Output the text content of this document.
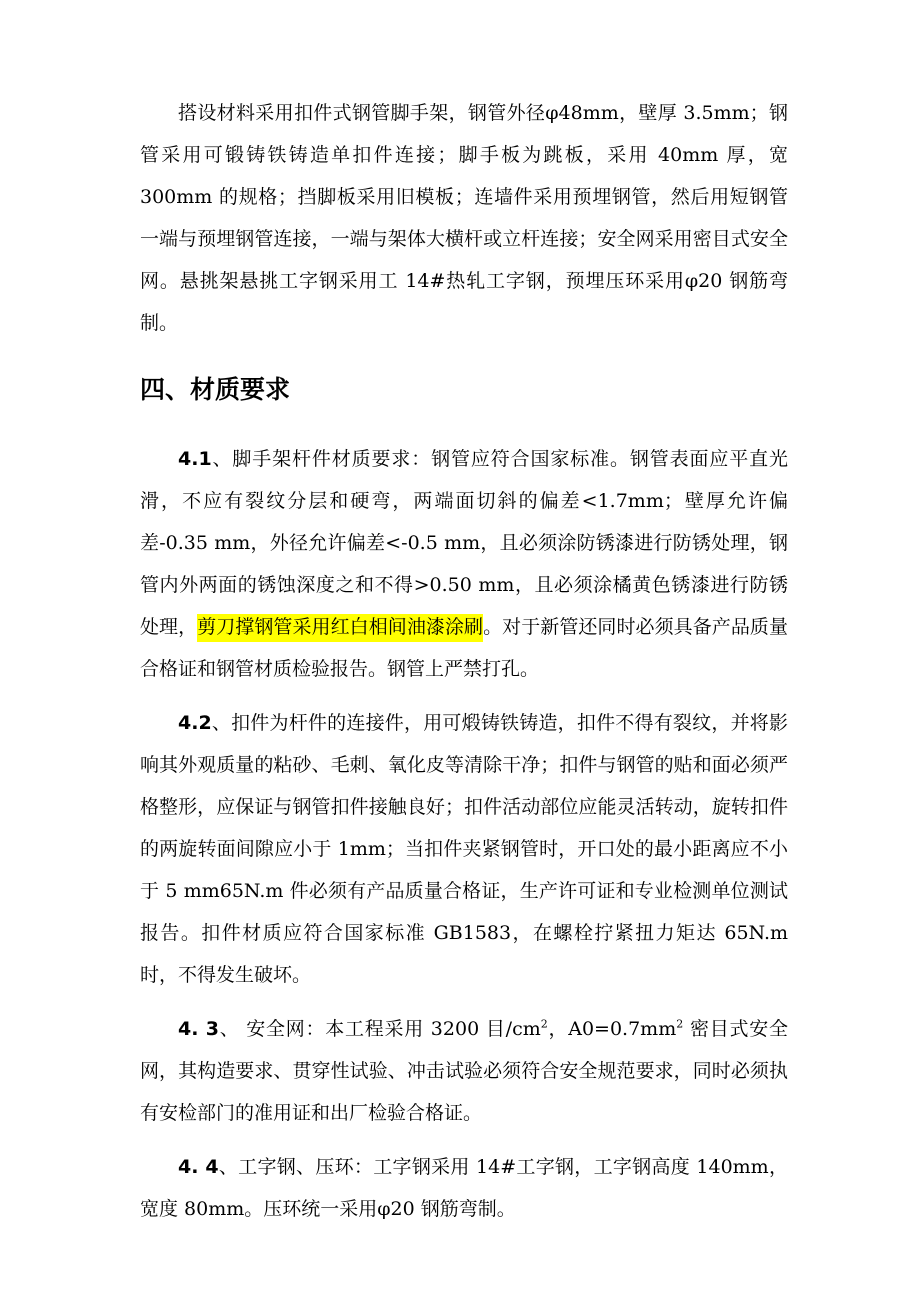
搭设材料采用扣件式钢管脚手架，钢管外径φ48mm，壁厚 3.5mm；钢管采用可锻铸铁铸造单扣件连接；脚手板为跳板，采用 40mm 厚，宽 300mm 的规格；挡脚板采用旧模板；连墙件采用预埋钢管，然后用短钢管一端与预埋钢管连接，一端与架体大横杆或立杆连接；安全网采用密目式安全网。悬挑架悬挑工字钢采用工 14#热轧工字钢，预埋压环采用φ20 钢筋弯制。

四、材质要求

4.1、脚手架杆件材质要求：钢管应符合国家标准。钢管表面应平直光滑，不应有裂纹分层和硬弯，两端面切斜的偏差<1.7mm；壁厚允许偏差-0.35 mm，外径允许偏差<-0.5 mm，且必须涂防锈漆进行防锈处理，钢管内外两面的锈蚀深度之和不得>0.50 mm，且必须涂橘黄色锈漆进行防锈处理，剪刀撑钢管采用红白相间油漆涂刷。对于新管还同时必须具备产品质量合格证和钢管材质检验报告。钢管上严禁打孔。

4.2、扣件为杆件的连接件，用可煅铸铁铸造，扣件不得有裂纹，并将影响其外观质量的粘砂、毛刺、氧化皮等清除干净；扣件与钢管的贴和面必须严格整形，应保证与钢管扣件接触良好；扣件活动部位应能灵活转动，旋转扣件的两旋转面间隙应小于 1mm；当扣件夹紧钢管时，开口处的最小距离应不小于 5 mm65N.m 件必须有产品质量合格证，生产许可证和专业检测单位测试报告。扣件材质应符合国家标准 GB1583，在螺栓拧紧扭力矩达 65N.m 时，不得发生破坏。

4. 3、 安全网：本工程采用 3200 目$/cm^2$，$A0=0.7mm^2$ 密目式安全网，其构造要求、贯穿性试验、冲击试验必须符合安全规范要求，同时必须执有安检部门的准用证和出厂检验合格证。

4. 4、工字钢、压环：工字钢采用 14#工字钢，工字钢高度 140mm，宽度 80mm。压环统一采用φ20 钢筋弯制。
